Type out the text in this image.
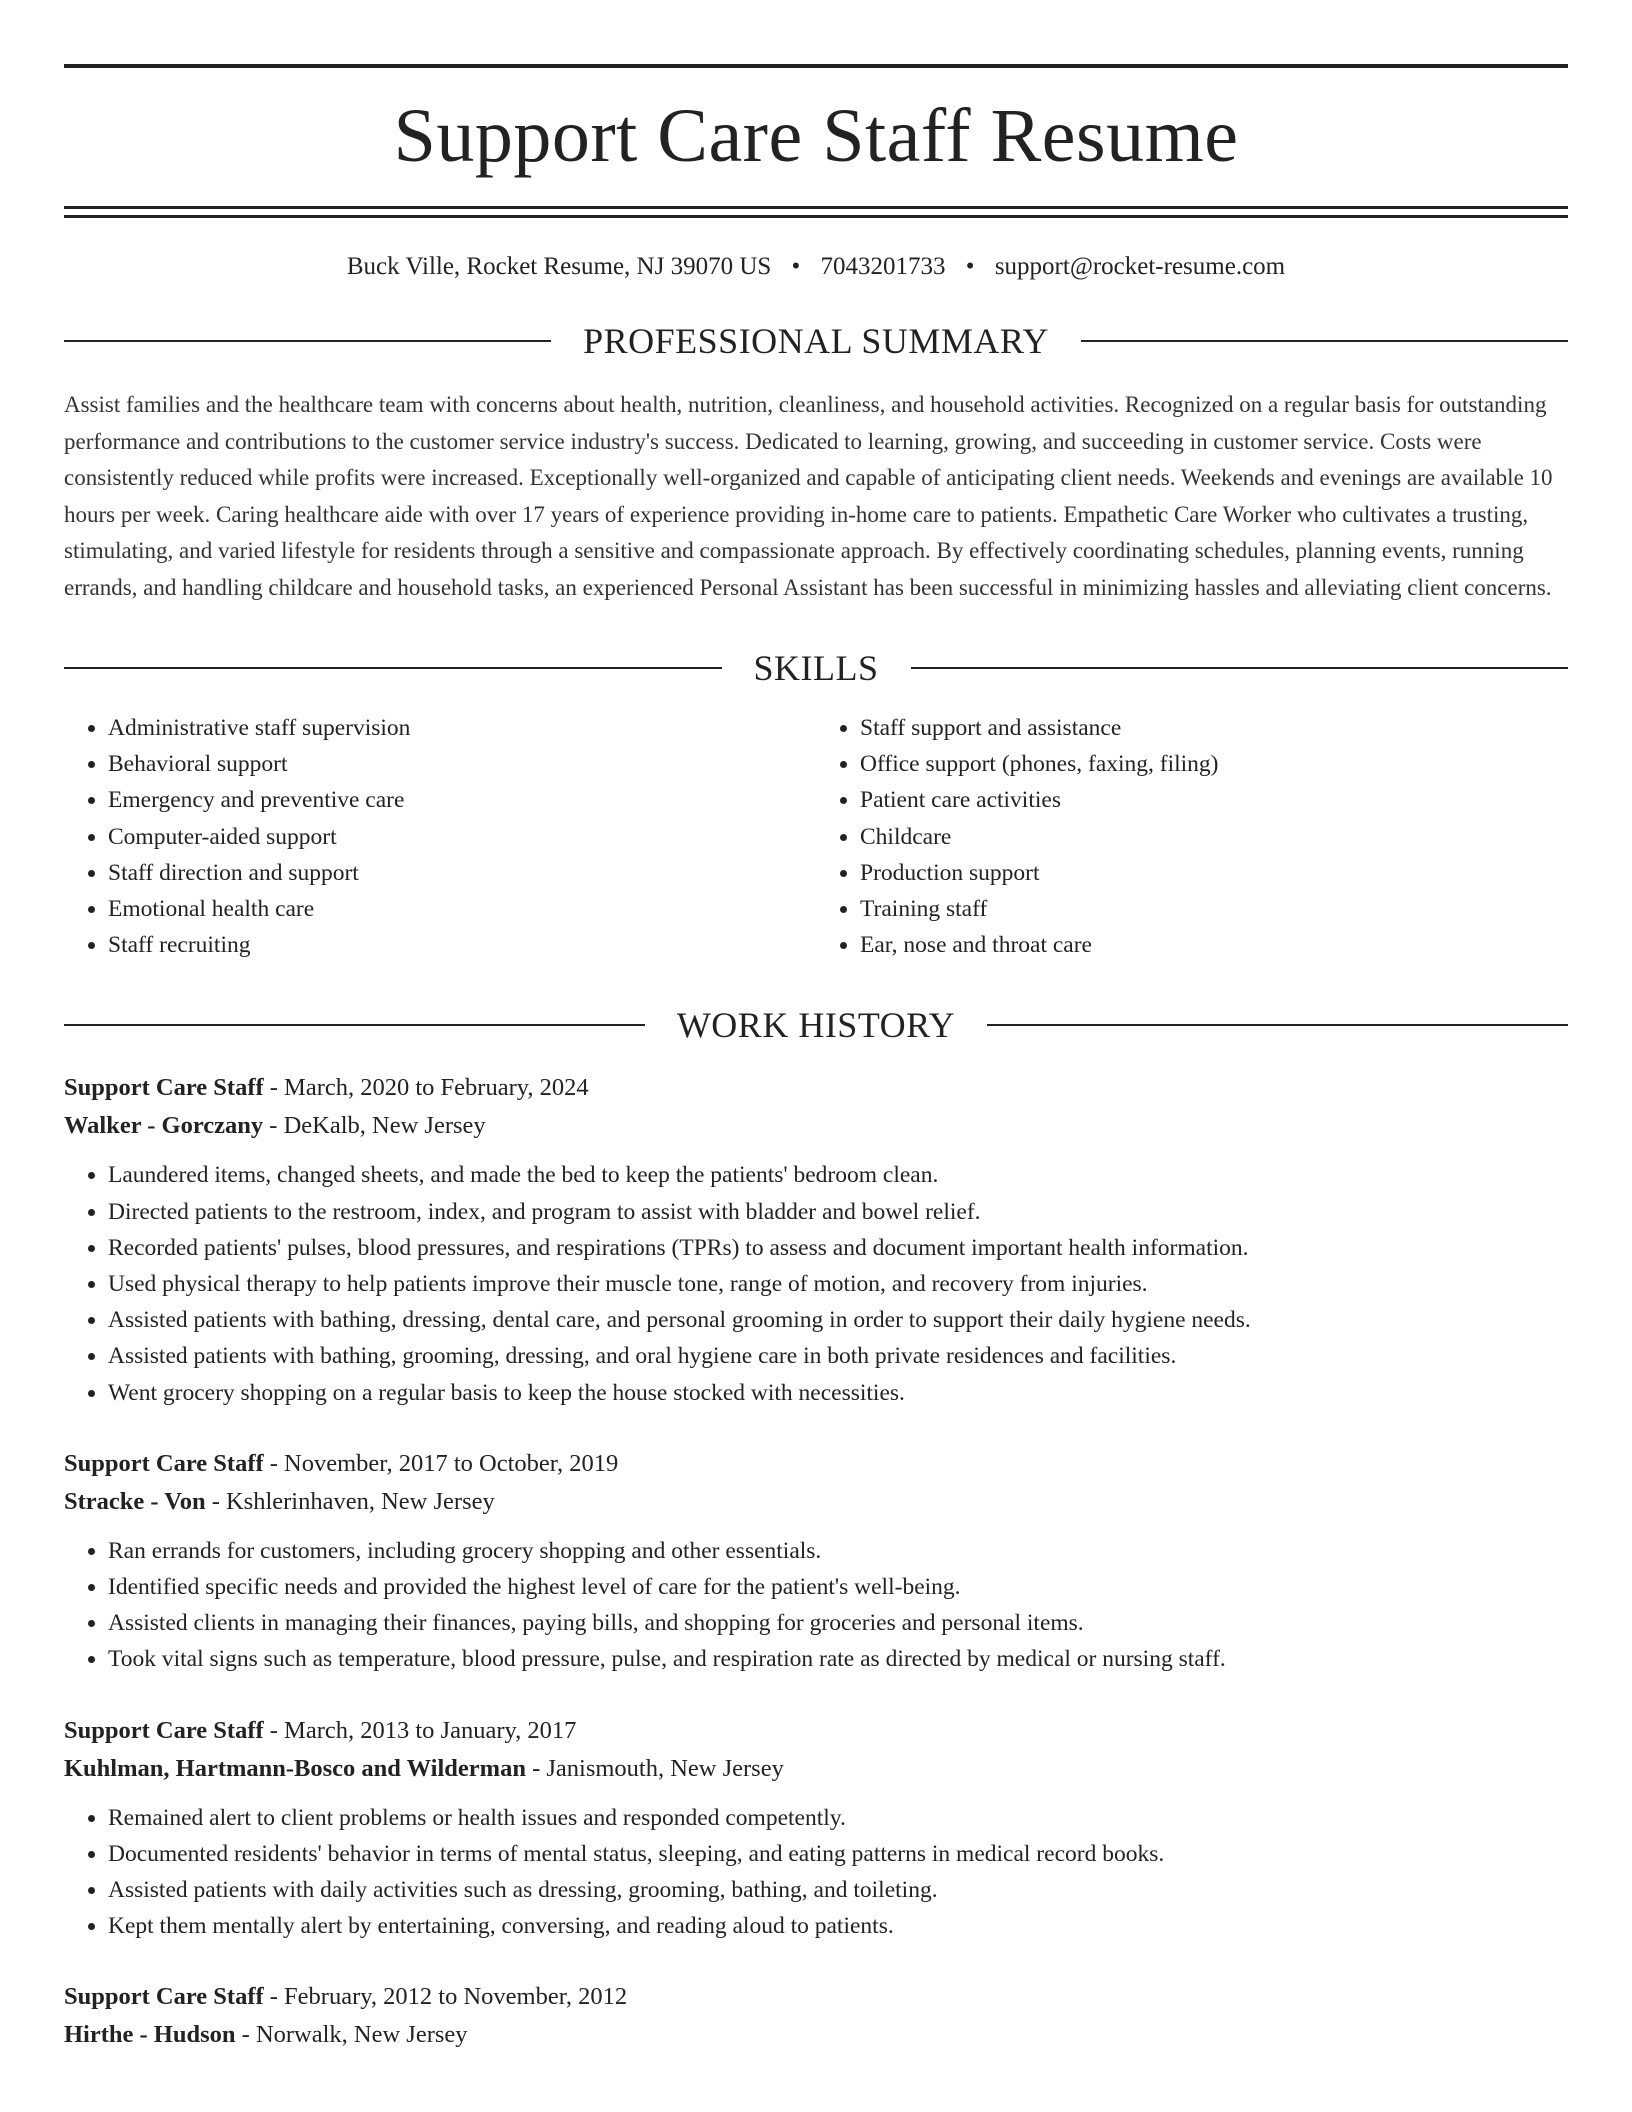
Support Care Staff Resume
Buck Ville, Rocket Resume, NJ 39070 US • 7043201733 • support@rocket-resume.com
PROFESSIONAL SUMMARY
Assist families and the healthcare team with concerns about health, nutrition, cleanliness, and household activities. Recognized on a regular basis for outstanding performance and contributions to the customer service industry's success. Dedicated to learning, growing, and succeeding in customer service. Costs were consistently reduced while profits were increased. Exceptionally well-organized and capable of anticipating client needs. Weekends and evenings are available 10 hours per week. Caring healthcare aide with over 17 years of experience providing in-home care to patients. Empathetic Care Worker who cultivates a trusting, stimulating, and varied lifestyle for residents through a sensitive and compassionate approach. By effectively coordinating schedules, planning events, running errands, and handling childcare and household tasks, an experienced Personal Assistant has been successful in minimizing hassles and alleviating client concerns.
SKILLS
• Administrative staff supervision
• Behavioral support
• Emergency and preventive care
• Computer-aided support
• Staff direction and support
• Emotional health care
• Staff recruiting
• Staff support and assistance
• Office support (phones, faxing, filing)
• Patient care activities
• Childcare
• Production support
• Training staff
• Ear, nose and throat care
WORK HISTORY
Support Care Staff - March, 2020 to February, 2024
Walker - Gorczany - DeKalb, New Jersey
• Laundered items, changed sheets, and made the bed to keep the patients' bedroom clean.
• Directed patients to the restroom, index, and program to assist with bladder and bowel relief.
• Recorded patients' pulses, blood pressures, and respirations (TPRs) to assess and document important health information.
• Used physical therapy to help patients improve their muscle tone, range of motion, and recovery from injuries.
• Assisted patients with bathing, dressing, dental care, and personal grooming in order to support their daily hygiene needs.
• Assisted patients with bathing, grooming, dressing, and oral hygiene care in both private residences and facilities.
• Went grocery shopping on a regular basis to keep the house stocked with necessities.
Support Care Staff - November, 2017 to October, 2019
Stracke - Von - Kshlerinhaven, New Jersey
• Ran errands for customers, including grocery shopping and other essentials.
• Identified specific needs and provided the highest level of care for the patient's well-being.
• Assisted clients in managing their finances, paying bills, and shopping for groceries and personal items.
• Took vital signs such as temperature, blood pressure, pulse, and respiration rate as directed by medical or nursing staff.
Support Care Staff - March, 2013 to January, 2017
Kuhlman, Hartmann-Bosco and Wilderman - Janismouth, New Jersey
• Remained alert to client problems or health issues and responded competently.
• Documented residents' behavior in terms of mental status, sleeping, and eating patterns in medical record books.
• Assisted patients with daily activities such as dressing, grooming, bathing, and toileting.
• Kept them mentally alert by entertaining, conversing, and reading aloud to patients.
Support Care Staff - February, 2012 to November, 2012
Hirthe - Hudson - Norwalk, New Jersey
